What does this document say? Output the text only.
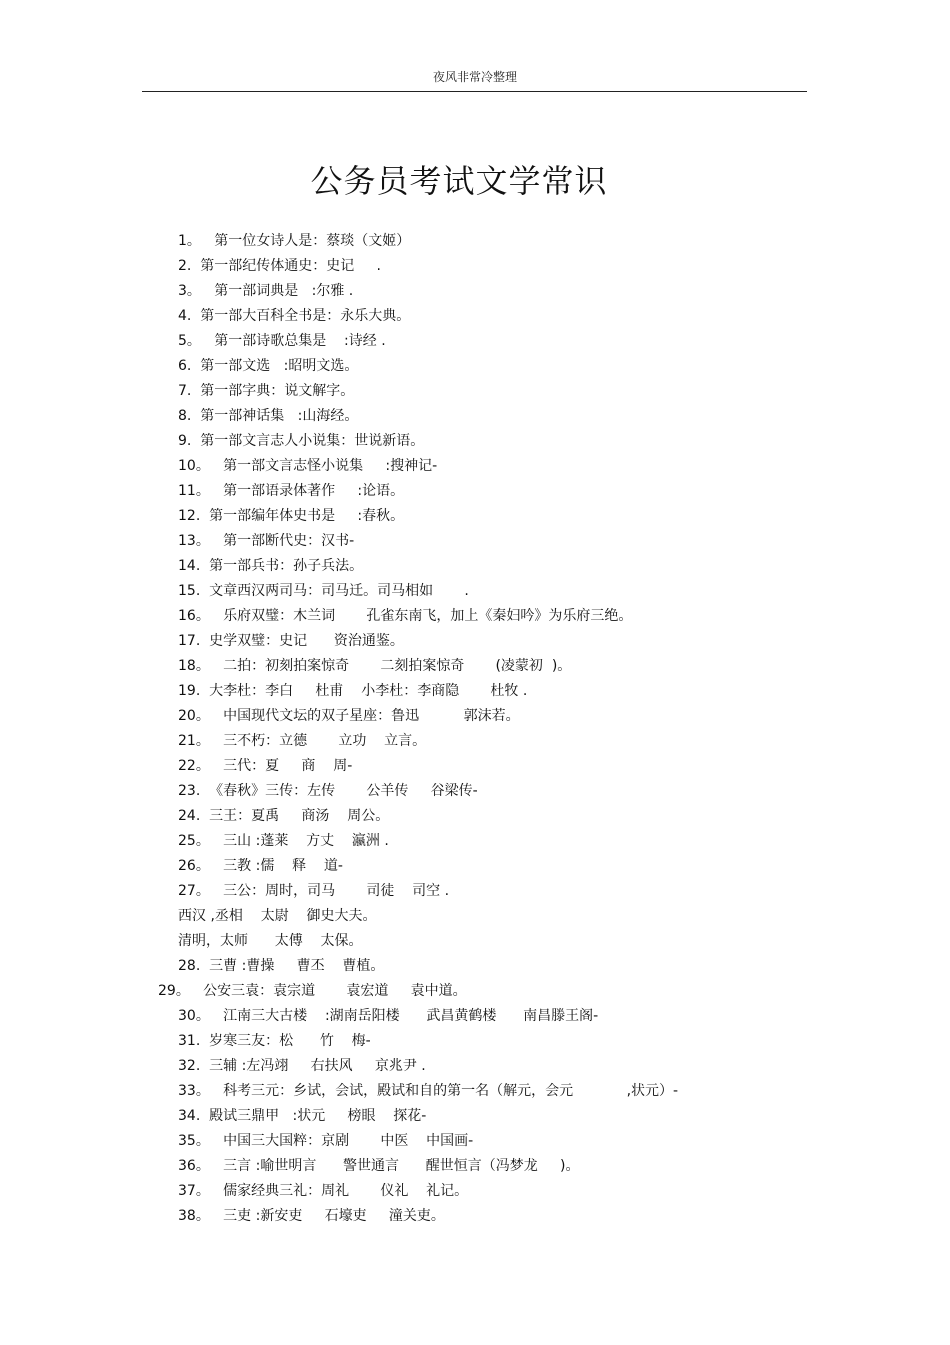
夜风非常冷整理
公务员考试文学常识
1。   第一位女诗人是：蔡琰（文姬）
2.  第一部纪传体通史：史记     .
3。   第一部词典是   :尔雅 .
4.  第一部大百科全书是：永乐大典。
5。   第一部诗歌总集是    :诗经 .
6.  第一部文选   :昭明文选。
7.  第一部字典：说文解字。
8.  第一部神话集   :山海经。
9.  第一部文言志人小说集：世说新语。
10。   第一部文言志怪小说集     :搜神记-
11。   第一部语录体著作     :论语。
12.  第一部编年体史书是     :春秋。
13。   第一部断代史：汉书-
14.  第一部兵书：孙子兵法。
15.  文章西汉两司马：司马迁。司马相如       .
16。   乐府双璧：木兰词       孔雀东南飞，加上《秦妇吟》为乐府三绝。
17.  史学双璧：史记      资治通鉴。
18。   二拍：初刻拍案惊奇       二刻拍案惊奇       (凌蒙初  )。
19.  大李杜：李白     杜甫    小李杜：李商隐       杜牧 .
20。   中国现代文坛的双子星座：鲁迅          郭沫若。
21。   三不朽：立德       立功    立言。
22。   三代：夏     商    周-
23.  《春秋》三传：左传       公羊传     谷梁传-
24.  三王：夏禹     商汤    周公。
25。   三山 :蓬莱    方丈    瀛洲 .
26。   三教 :儒    释    道-
27。   三公：周时，司马       司徒    司空 .
西汉 ,丞相    太尉    御史大夫。
清明，太师      太傅    太保。
28.  三曹 :曹操     曹丕    曹植。
29。   公安三袁：袁宗道       袁宏道     袁中道。
30。   江南三大古楼    :湖南岳阳楼      武昌黄鹤楼      南昌滕王阁-
31.  岁寒三友：松      竹    梅-
32.  三辅 :左冯翊     右扶风     京兆尹 .
33。   科考三元：乡试，会试，殿试和自的第一名（解元，会元            ,状元）-
34.  殿试三鼎甲   :状元     榜眼    探花-
35。   中国三大国粹：京剧       中医    中国画-
36。   三言 :喻世明言      警世通言      醒世恒言（冯梦龙     )。
37。   儒家经典三礼：周礼       仪礼    礼记。
38。   三吏 :新安吏     石壕吏     潼关吏。
